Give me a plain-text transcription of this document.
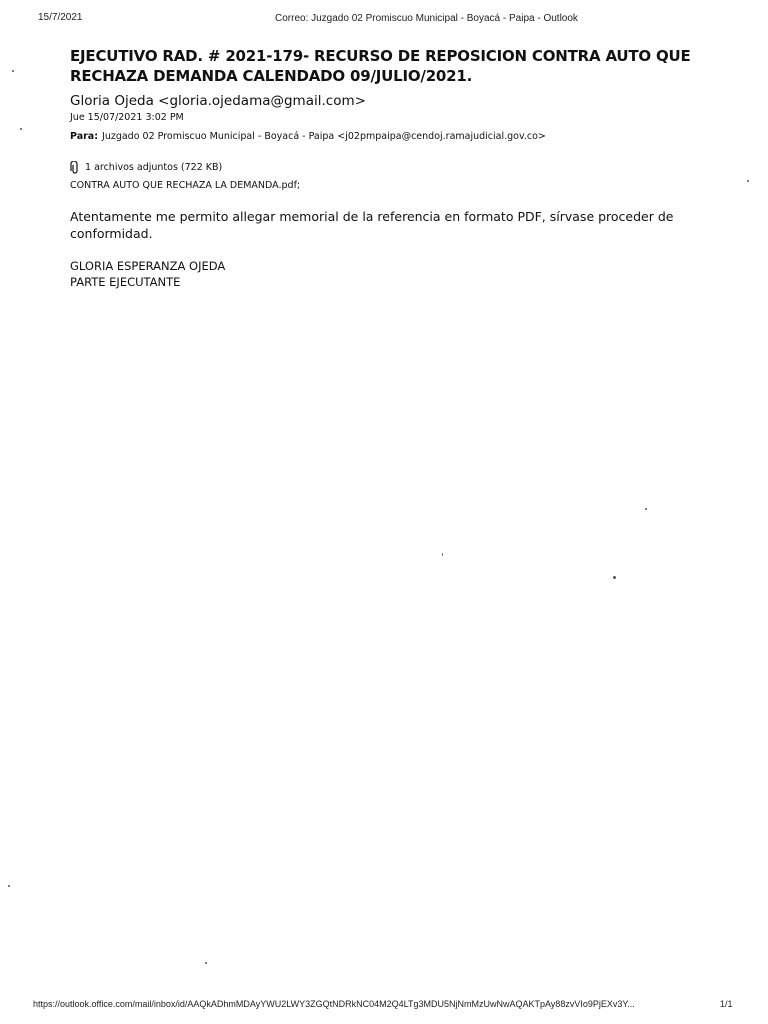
15/7/2021	Correo: Juzgado 02 Promiscuo Municipal - Boyacá - Paipa - Outlook
EJECUTIVO RAD. # 2021-179- RECURSO DE REPOSICION CONTRA AUTO QUE RECHAZA DEMANDA CALENDADO 09/JULIO/2021.
Gloria Ojeda <gloria.ojedama@gmail.com>
Jue 15/07/2021 3:02 PM
Para: Juzgado 02 Promiscuo Municipal - Boyacá - Paipa <j02pmpaipa@cendoj.ramajudicial.gov.co>
1 archivos adjuntos (722 KB)
CONTRA AUTO QUE RECHAZA LA DEMANDA.pdf;
Atentamente me permito allegar memorial de la referencia en formato PDF, sírvase proceder de conformidad.
GLORIA ESPERANZA OJEDA
PARTE EJECUTANTE
https://outlook.office.com/mail/inbox/id/AAQkADhmMDAyYWU2LWY3ZGQtNDRkNC04M2Q4LTg3MDU5NjNmMzUwNwAQAKTpAy88zvVIo9PjEXv3Y...	1/1
